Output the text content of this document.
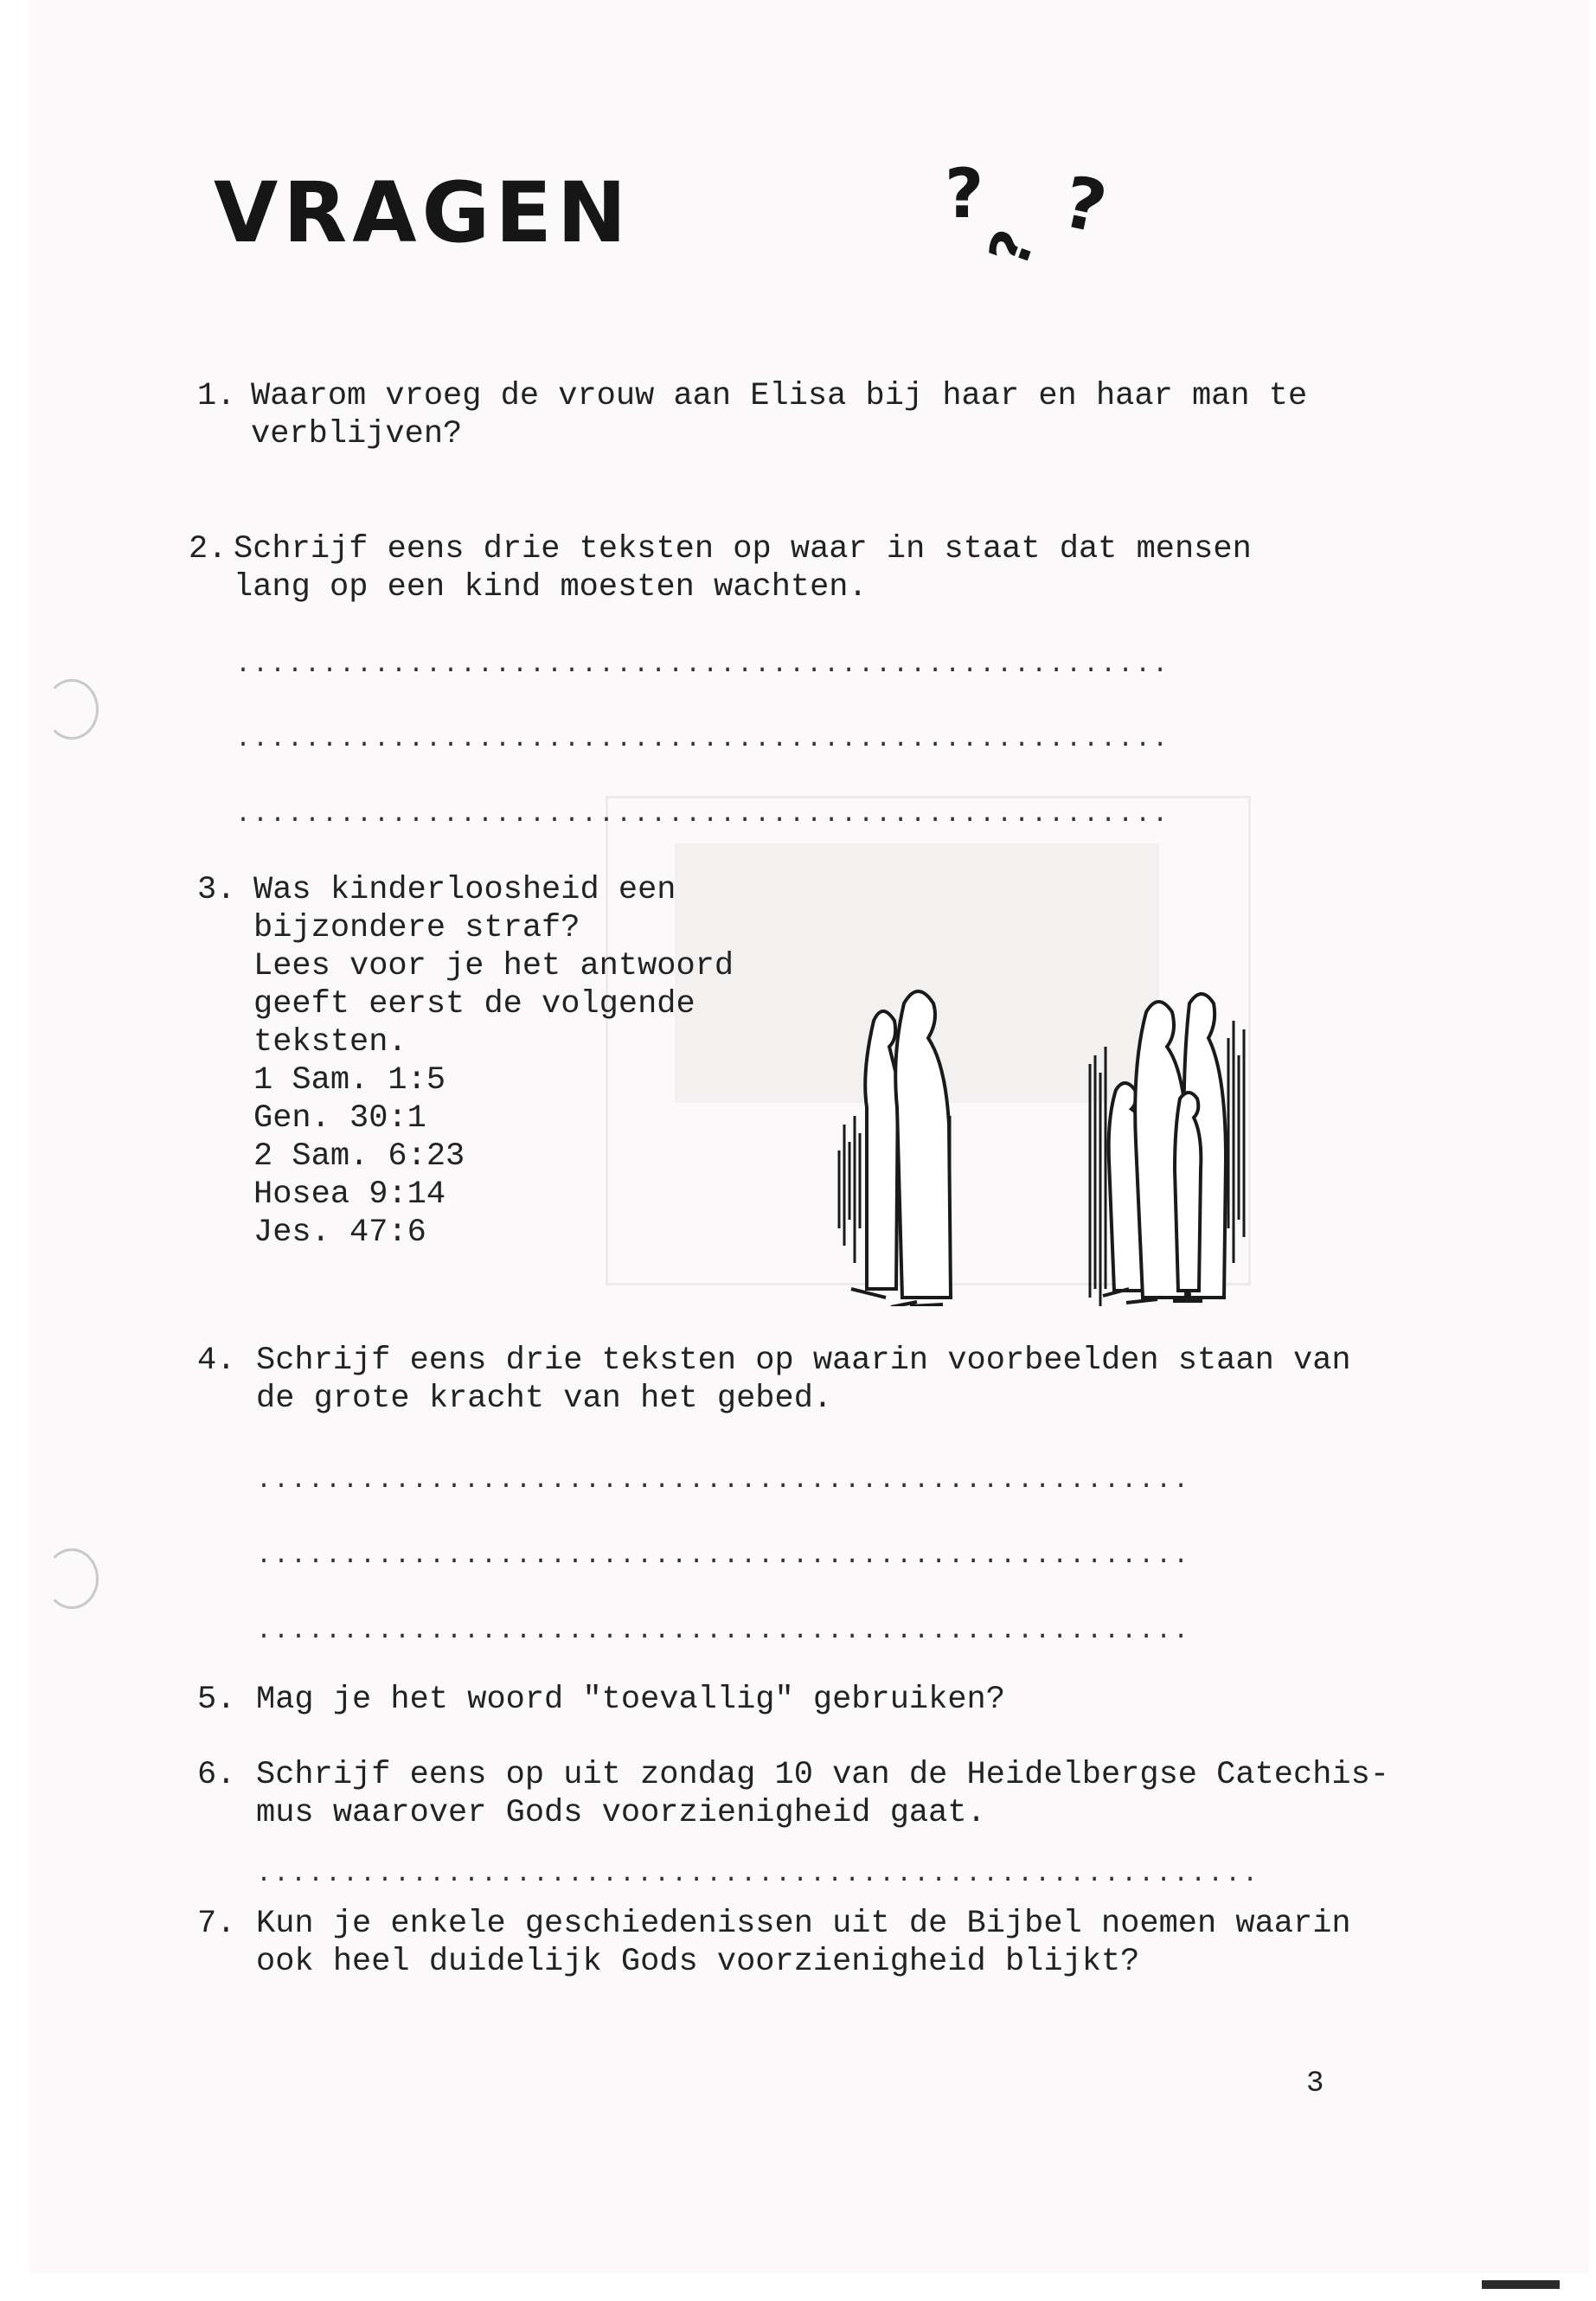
VRAGEN	? ?
?
1. Waarom vroeg de vrouw aan Elisa bij haar en haar man te
verblijven?
2. Schrijf eens drie teksten op waar in staat dat mensen
lang op een kind moesten wachten.
......................................................
......................................................
......................................................
3. Was kinderloosheid een
bijzondere straf?
Lees voor je het antwoord
geeft eerst de volgende
teksten.
1 Sam. 1:5
Gen. 30:1
2 Sam. 6:23
Hosea 9:14
Jes. 47:6
4. Schrijf eens drie teksten op waarin voorbeelden staan van
de grote kracht van het gebed.
......................................................
......................................................
......................................................
5. Mag je het woord "toevallig" gebruiken?
6. Schrijf eens op uit zondag 10 van de Heidelbergse Catechis-
mus waarover Gods voorzienigheid gaat.
..........................................................
7. Kun je enkele geschiedenissen uit de Bijbel noemen waarin
ook heel duidelijk Gods voorzienigheid blijkt?
3
